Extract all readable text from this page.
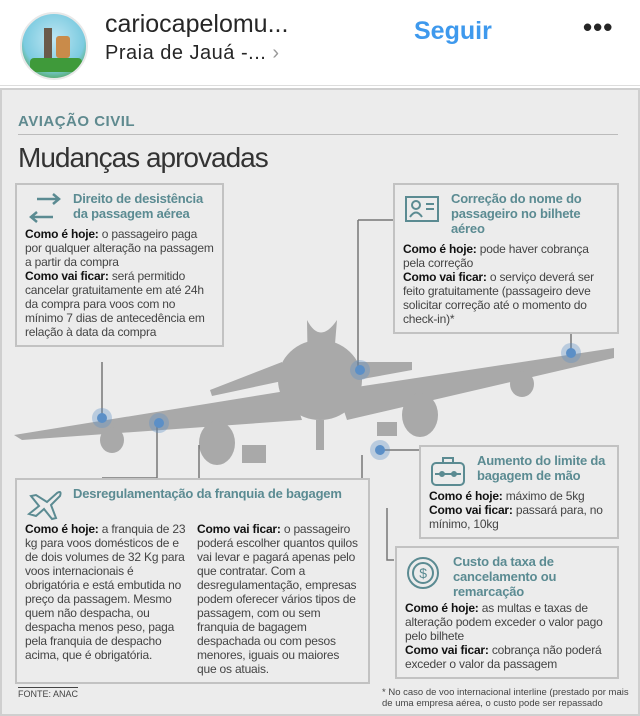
cariocapelomu...
Praia de Jauá -... ›
Seguir	•••
AVIAÇÃO CIVIL
Mudanças aprovadas
Direito de desistência da passagem aérea
Como é hoje: o passageiro paga por qualquer alteração na passagem a partir da compra
Como vai ficar: será permitido cancelar gratuitamente em até 24h da compra para voos com no mínimo 7 dias de antecedência em relação à data da compra
Correção do nome do passageiro no bilhete aéreo
Como é hoje: pode haver cobrança pela correção
Como vai ficar: o serviço deverá ser feito gratuitamente (passageiro deve solicitar correção até o momento do check-in)*
Aumento do limite da bagagem de mão
Como é hoje: máximo de 5kg
Como vai ficar: passará para, no mínimo, 10kg
$
Custo da taxa de cancelamento ou remarcação
Como é hoje: as multas e taxas de alteração podem exceder o valor pago pelo bilhete
Como vai ficar: cobrança não poderá exceder o valor da passagem
* No caso de voo internacional interline (prestado por mais de uma empresa aérea, o custo pode ser repassado
Desregulamentação da franquia de bagagem
Como é hoje: a franquia de 23 kg para voos domésticos de e de dois volumes de 32 Kg para voos internacionais é obrigatória e está embutida no preço da passagem. Mesmo quem não despacha, ou despacha menos peso, paga pela franquia de despacho acima, que é obrigatória.
Como vai ficar: o passageiro poderá escolher quantos quilos vai levar e pagará apenas pelo que contratar. Com a desregulamentação, empresas podem oferecer vários tipos de passagem, com ou sem franquia de bagagem despachada ou com pesos menores, iguais ou maiores que os atuais.
FONTE: ANAC
